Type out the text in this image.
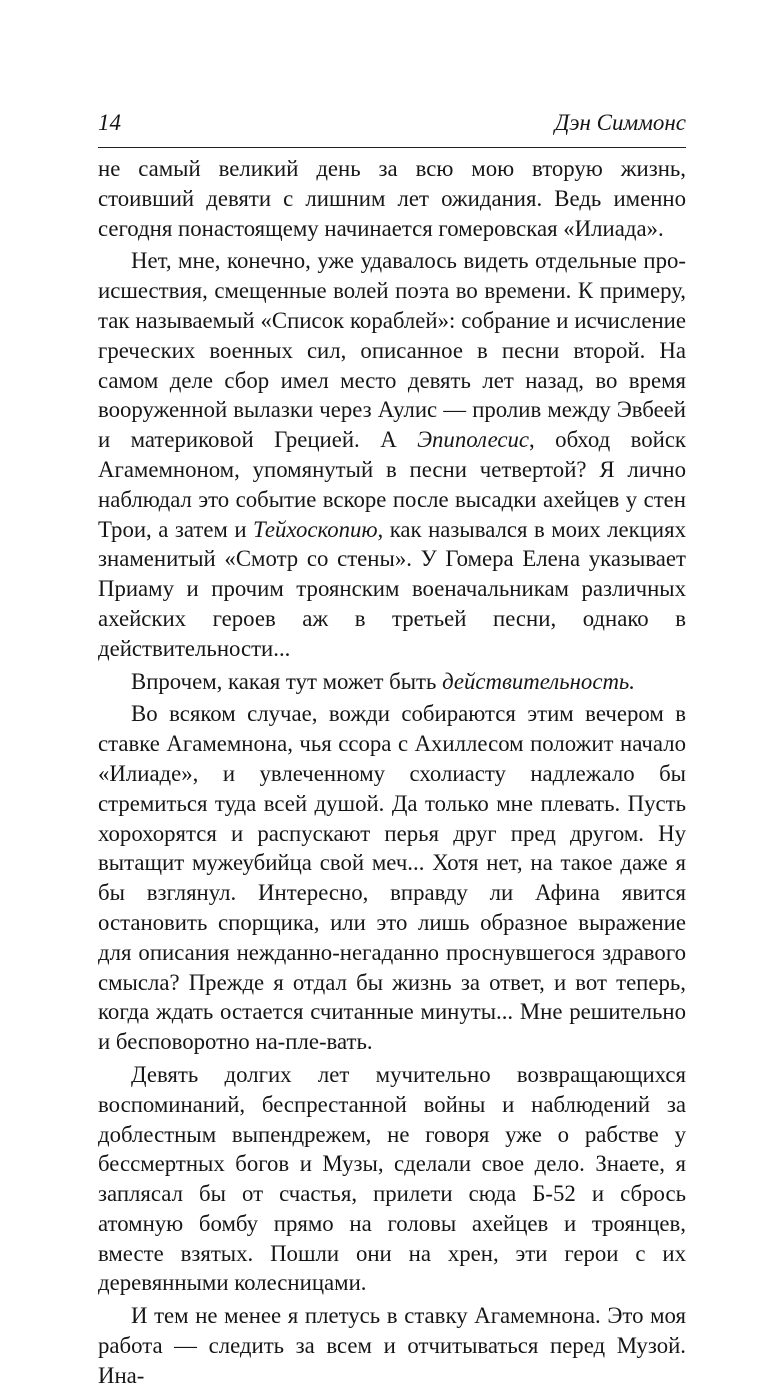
14	Дэн Симмонс

не самый великий день за всю мою вторую жизнь, стоивший девяти с лишним лет ожидания. Ведь именно сегодня понастоящему начинается гомеровская «Илиада».

Нет, мне, конечно, уже удавалось видеть отдельные происшествия, смещенные волей поэта во времени. К примеру, так называемый «Список кораблей»: собрание и исчисление греческих военных сил, описанное в песни второй. На самом деле сбор имел место девять лет назад, во время вооруженной вылазки через Аулис — пролив между Эвбеей и материковой Грецией. А Эпиполесис, обход войск Агамемноном, упомянутый в песни четвертой? Я лично наблюдал это событие вскоре после высадки ахейцев у стен Трои, а затем и Тейхоскопию, как назывался в моих лекциях знаменитый «Смотр со стены». У Гомера Елена указывает Приаму и прочим троянским военачальникам различных ахейских героев аж в третьей песни, однако в действительности...

Впрочем, какая тут может быть действительность.

Во всяком случае, вожди собираются этим вечером в ставке Агамемнона, чья ссора с Ахиллесом положит начало «Илиаде», и увлеченному схолиасту надлежало бы стремиться туда всей душой. Да только мне плевать. Пусть хорохорятся и распускают перья друг пред другом. Ну вытащит мужеубийца свой меч... Хотя нет, на такое даже я бы взглянул. Интересно, вправду ли Афина явится остановить спорщика, или это лишь образное выражение для описания нежданно-негаданно проснувшегося здравого смысла? Прежде я отдал бы жизнь за ответ, и вот теперь, когда ждать остается считанные минуты... Мне решительно и бесповоротно на-пле-вать.

Девять долгих лет мучительно возвращающихся воспоминаний, беспрестанной войны и наблюдений за доблестным выпендрежем, не говоря уже о рабстве у бессмертных богов и Музы, сделали свое дело. Знаете, я заплясал бы от счастья, прилети сюда Б-52 и сбрось атомную бомбу прямо на головы ахейцев и троянцев, вместе взятых. Пошли они на хрен, эти герои с их деревянными колесницами.

И тем не менее я плетусь в ставку Агамемнона. Это моя работа — следить за всем и отчитываться перед Музой. Ина-
